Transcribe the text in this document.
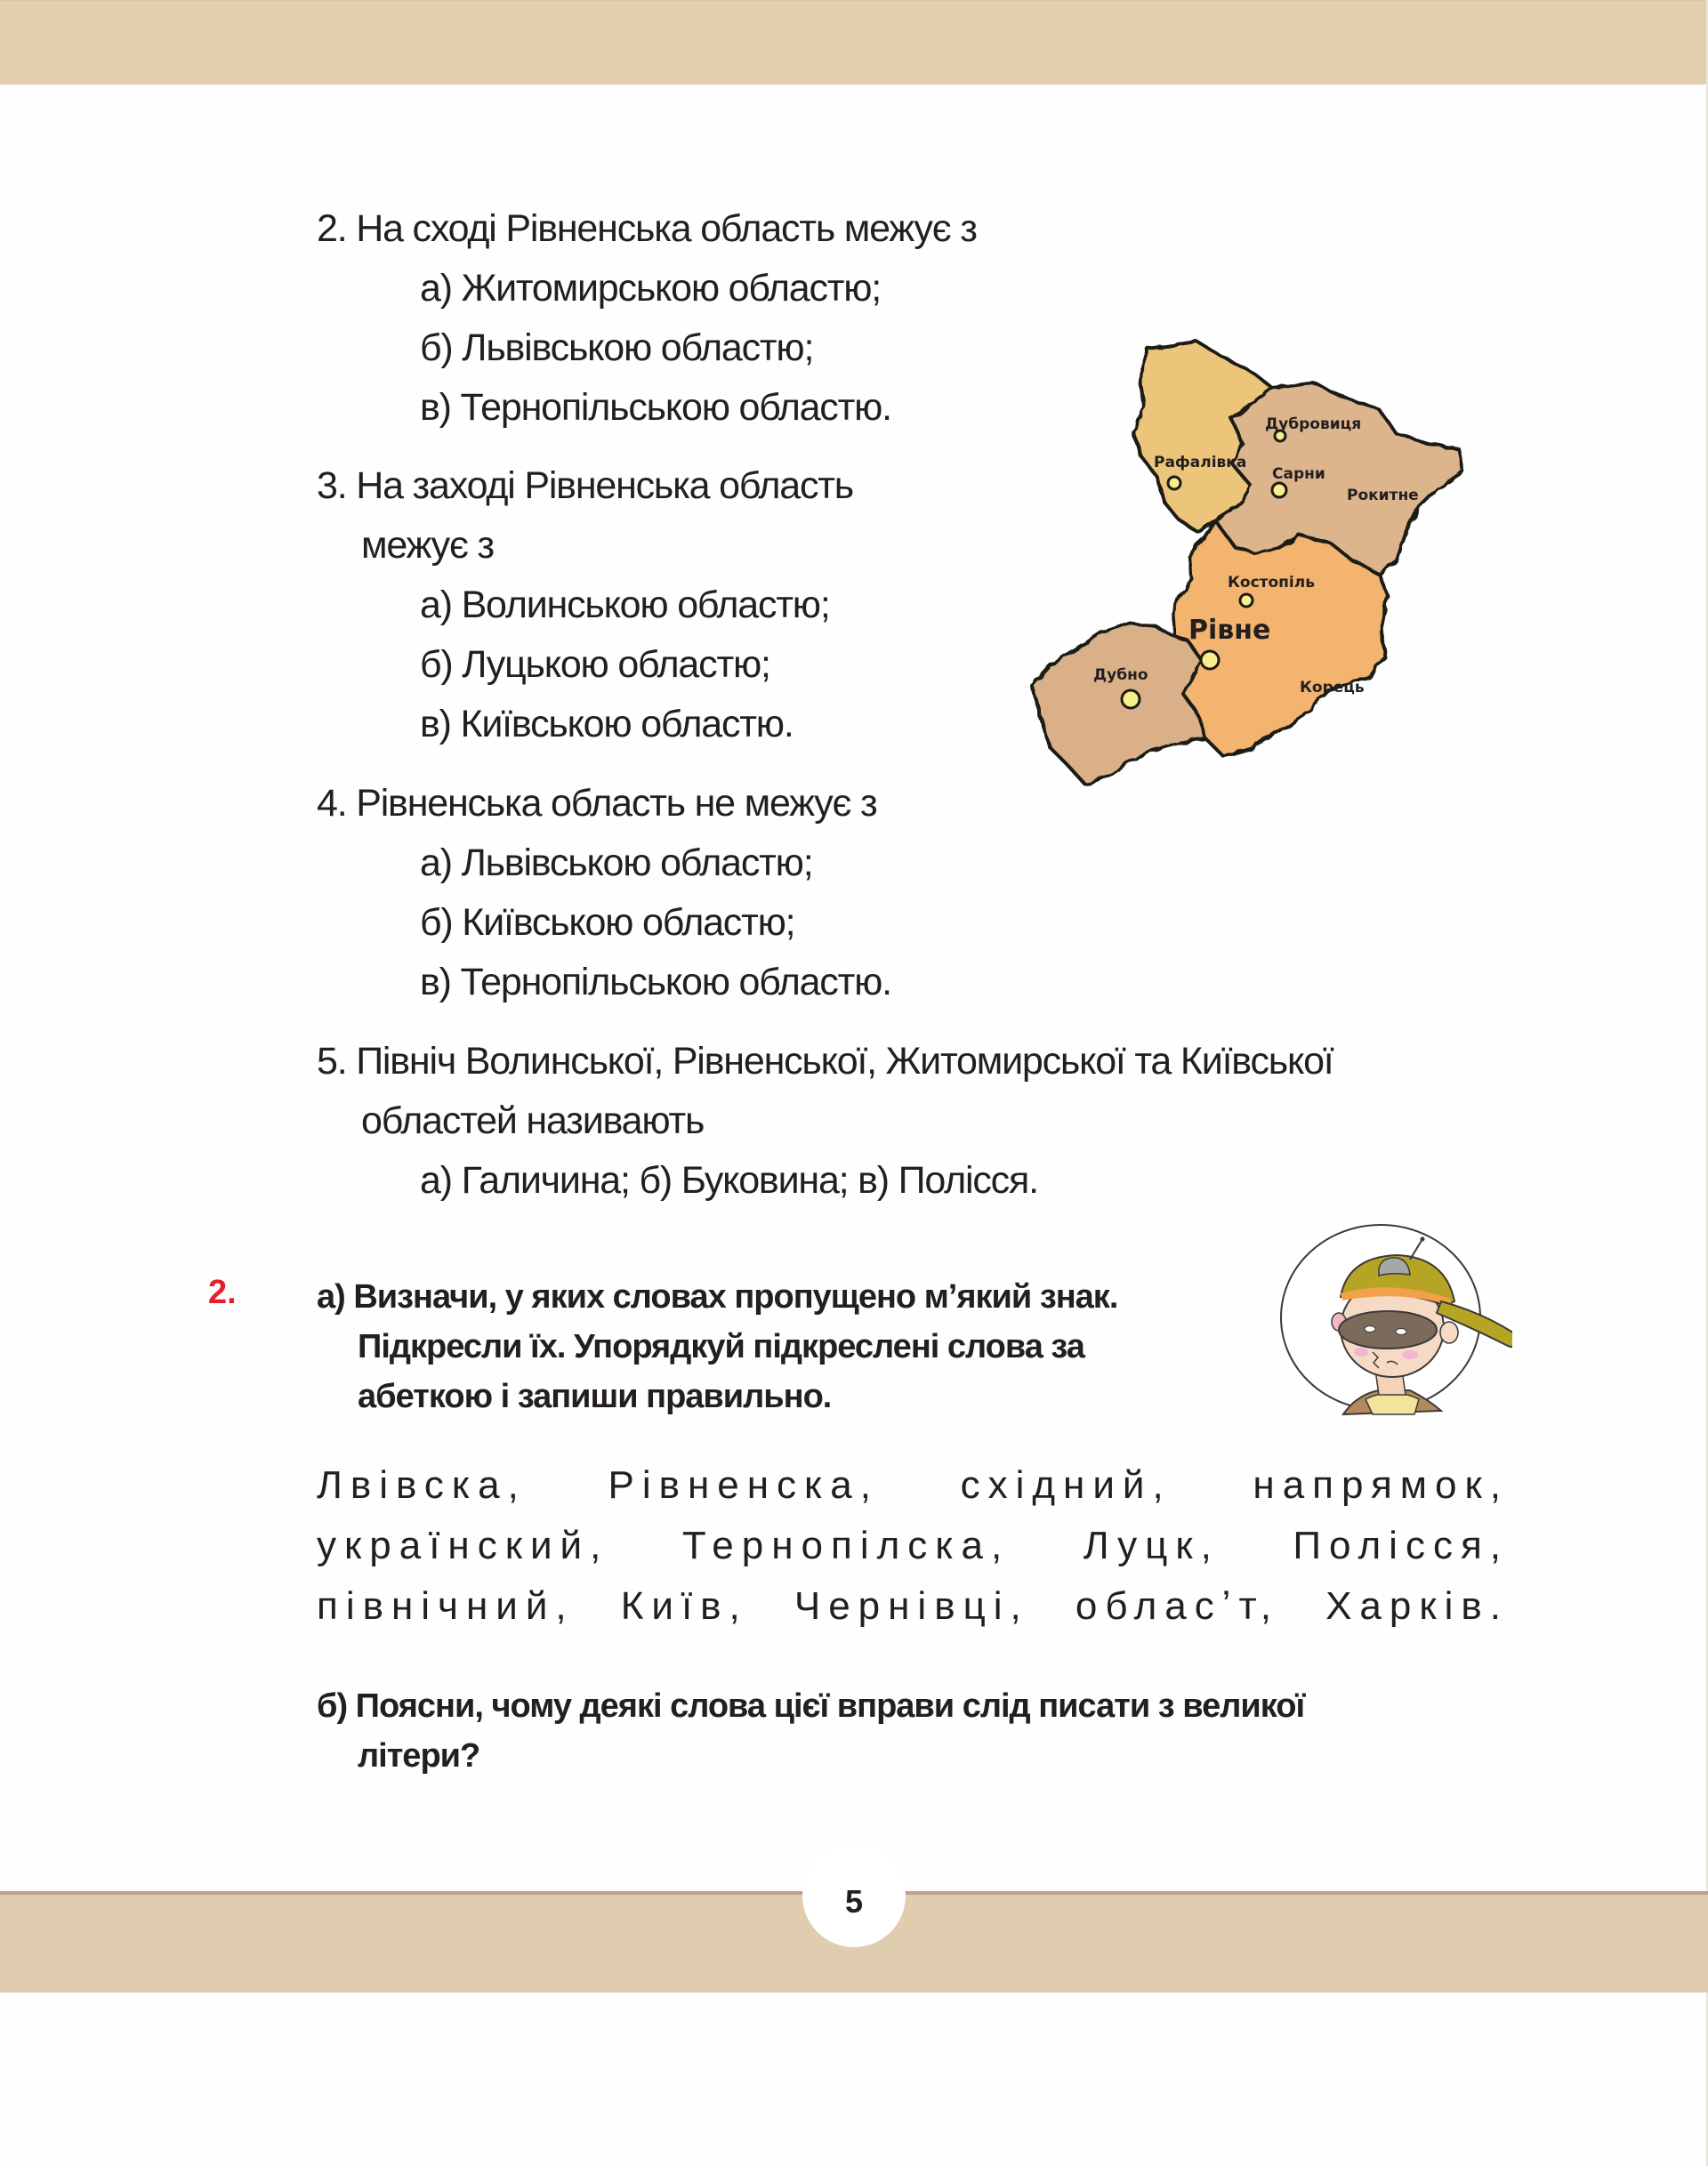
2. На сході Рівненська область межує з
а) Житомирською областю;
б) Львівською областю;
в) Тернопільською областю.
3. На заході Рівненська область
межує з
а) Волинською областю;
б) Луцькою областю;
в) Київською областю.
4. Рівненська область не межує з
а) Львівською областю;
б) Київською областю;
в) Тернопільською областю.
5. Північ Волинської, Рівненської, Житомирської та Київської
областей називають
а) Галичина; б) Буковина; в) Полісся.
Дубровиця
Рафалівка
Сарни
Рокитне
Костопіль
Рівне
Корець
Дубно
2. а) Визначи, у яких словах пропущено м’який знак.
Підкресли їх. Упорядкуй підкреслені слова за
абеткою і запиши правильно.
Лвівска, Рівненска, східний, напрямок,
українский, Тернопілска, Луцк, Полісся,
північний, Київ, Чернівці, обласʼт, Харків.
б) Поясни, чому деякі слова цієї вправи слід писати з великої
літери?
5
